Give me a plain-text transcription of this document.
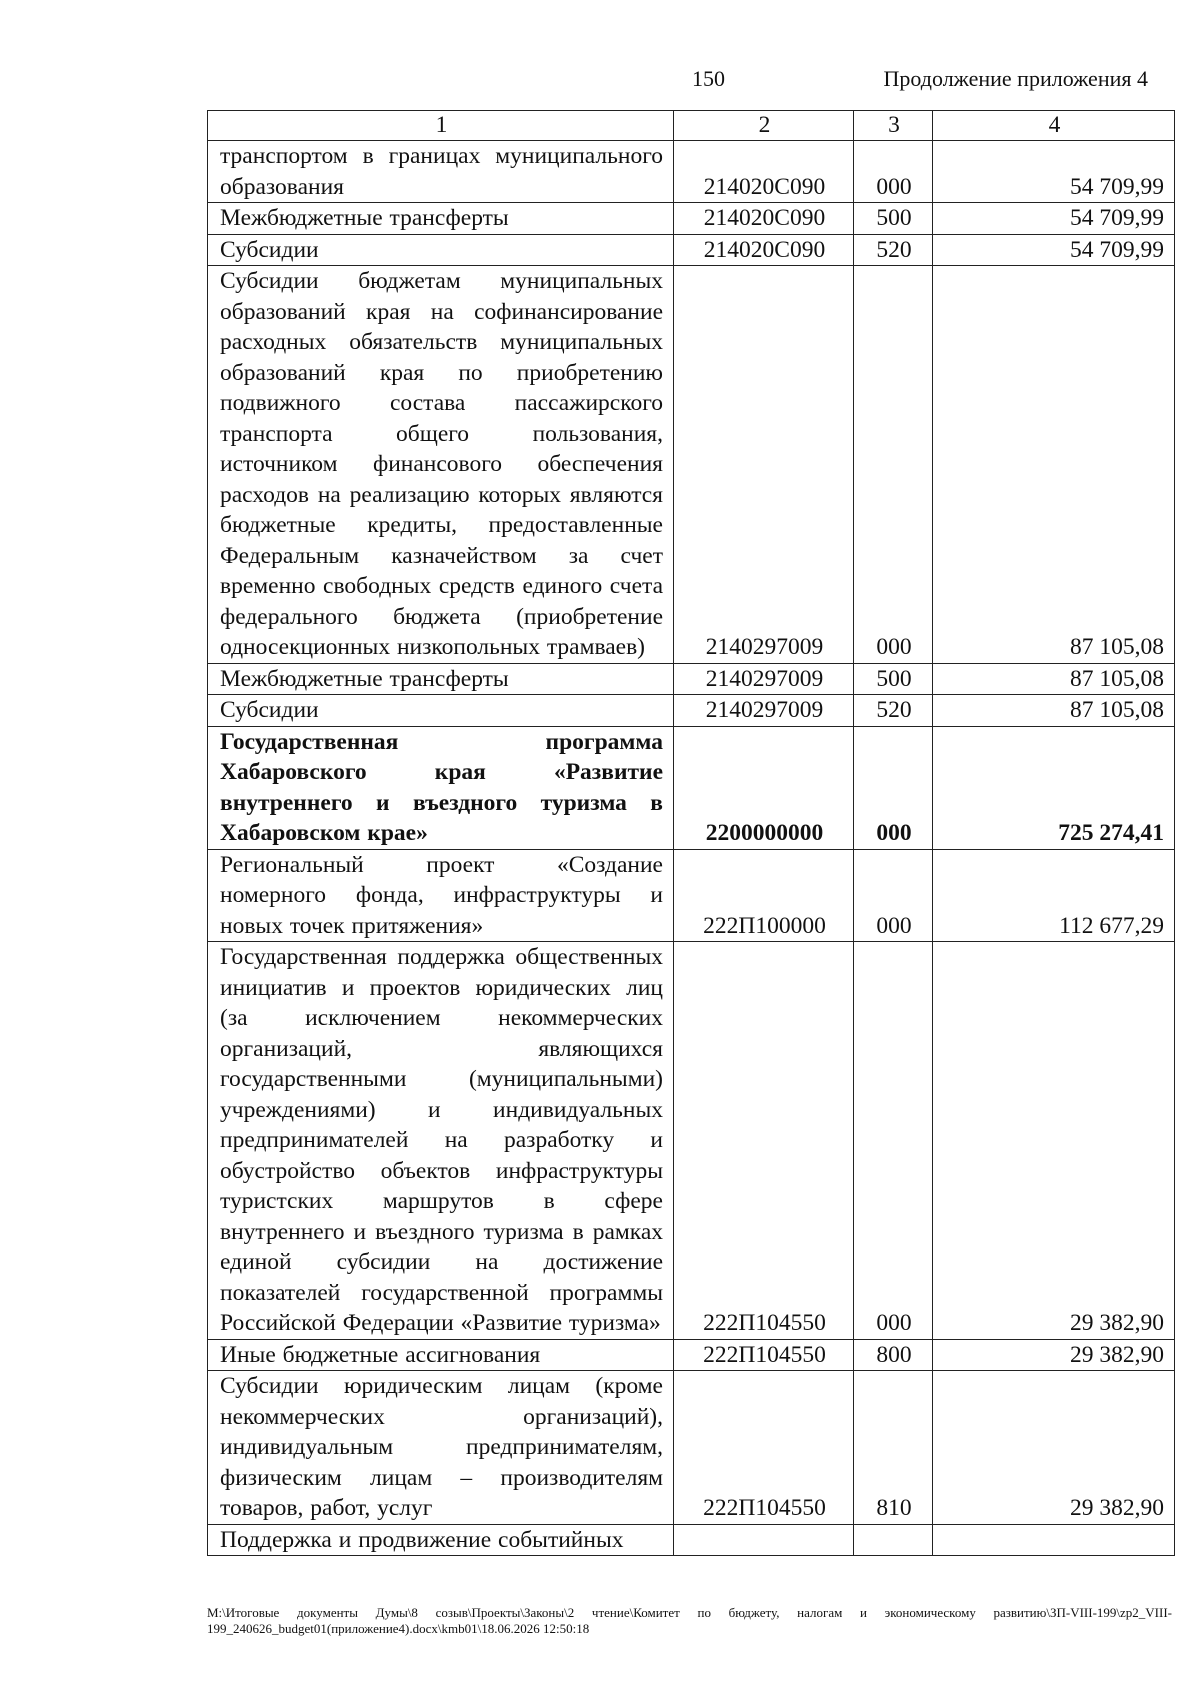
150	Продолжение приложения 4
1	2	3	4
транспортом в границах муниципального образования	214020С090	000	54 709,99
Межбюджетные трансферты	214020С090	500	54 709,99
Субсидии	214020С090	520	54 709,99
Субсидии бюджетам муниципальных образований края на софинансирование расходных обязательств муниципальных образований края по приобретению подвижного состава пассажирского транспорта общего пользования, источником финансового обеспечения расходов на реализацию которых являются бюджетные кредиты, предоставленные Федеральным казначейством за счет временно свободных средств единого счета федерального бюджета (приобретение односекционных низкопольных трамваев)	2140297009	000	87 105,08
Межбюджетные трансферты	2140297009	500	87 105,08
Субсидии	2140297009	520	87 105,08
Государственная программа Хабаровского края «Развитие внутреннего и въездного туризма в Хабаровском крае»	2200000000	000	725 274,41
Региональный проект «Создание номерного фонда, инфраструктуры и новых точек притяжения»	222П100000	000	112 677,29
Государственная поддержка общественных инициатив и проектов юридических лиц (за исключением некоммерческих организаций, являющихся государственными (муниципальными) учреждениями) и индивидуальных предпринимателей на разработку и обустройство объектов инфраструктуры туристских маршрутов в сфере внутреннего и въездного туризма в рамках единой субсидии на достижение показателей государственной программы Российской Федерации «Развитие туризма»	222П104550	000	29 382,90
Иные бюджетные ассигнования	222П104550	800	29 382,90
Субсидии юридическим лицам (кроме некоммерческих организаций), индивидуальным предпринимателям, физическим лицам – производителям товаров, работ, услуг	222П104550	810	29 382,90
Поддержка и продвижение событийных			
М:\Итоговые документы Думы\8 созыв\Проекты\Законы\2 чтение\Комитет по бюджету, налогам и экономическому развитию\ЗП-VIII-199\zp2_VIII-199_240626_budget01(приложение4).docx\kmb01\18.06.2026 12:50:18
